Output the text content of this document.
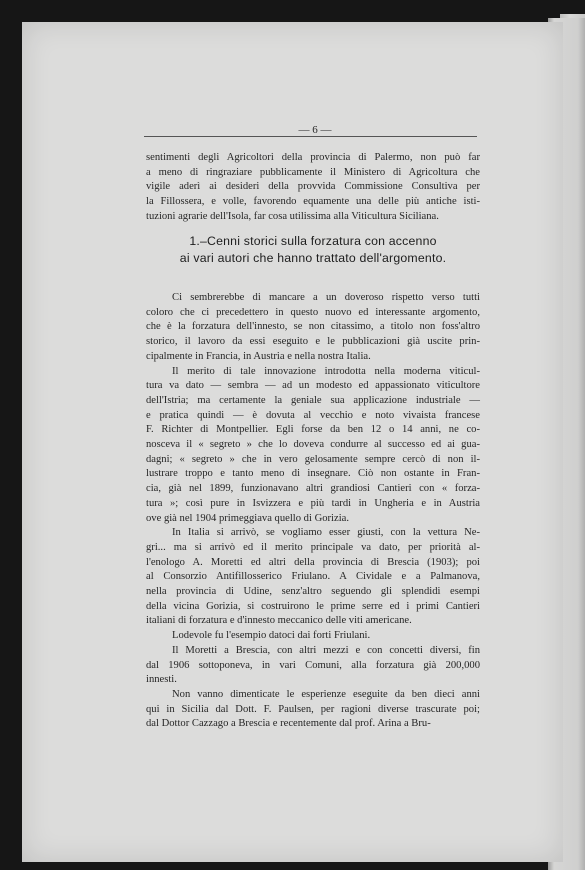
— 6 —
sentimenti degli Agricoltori della provincia di Palermo, non può far
a meno di ringraziare pubblicamente il Ministero di Agricoltura che
vigile aderì ai desideri della provvida Commissione Consultiva per
la Fillossera, e volle, favorendo equamente una delle più antiche isti-
tuzioni agrarie dell'Isola, far cosa utilissima alla Viticultura Siciliana.
1.–Cenni storici sulla forzatura con accenno
ai vari autori che hanno trattato dell'argomento.
Ci sembrerebbe di mancare a un doveroso rispetto verso tutti
coloro che ci precedettero in questo nuovo ed interessante argomento,
che è la forzatura dell'innesto, se non citassimo, a titolo non foss'altro
storico, il lavoro da essi eseguito e le pubblicazioni già uscite prin-
cipalmente in Francia, in Austria e nella nostra Italia.
Il merito di tale innovazione introdotta nella moderna viticul-
tura va dato — sembra — ad un modesto ed appassionato viticultore
dell'Istria; ma certamente la geniale sua applicazione industriale —
e pratica quindi — è dovuta al vecchio e noto vivaista francese
F. Richter di Montpellier. Egli forse da ben 12 o 14 anni, ne co-
nosceva il « segreto » che lo doveva condurre al successo ed ai gua-
dagni; « segreto » che in vero gelosamente sempre cercò di non il-
lustrare troppo e tanto meno di insegnare. Ciò non ostante in Fran-
cia, già nel 1899, funzionavano altri grandiosi Cantieri con « forza-
tura »; così pure in Isvizzera e più tardi in Ungheria e in Austria
ove già nel 1904 primeggiava quello di Gorizia.
In Italia si arrivò, se vogliamo esser giusti, con la vettura Ne-
gri... ma si arrivò ed il merito principale va dato, per priorità al-
l'enologo A. Moretti ed altri della provincia di Brescia (1903); poi
al Consorzio Antifillosserico Friulano. A Cividale e a Palmanova,
nella provincia di Udine, senz'altro seguendo gli splendidi esempi
della vicina Gorizia, si costruirono le prime serre ed i primi Cantieri
italiani di forzatura e d'innesto meccanico delle viti americane.
Lodevole fu l'esempio datoci dai forti Friulani.
Il Moretti a Brescia, con altri mezzi e con concetti diversi, fin
dal 1906 sottoponeva, in vari Comuni, alla forzatura già 200,000
innesti.
Non vanno dimenticate le esperienze eseguite da ben dieci anni
qui in Sicilia dal Dott. F. Paulsen, per ragioni diverse trascurate poi;
dal Dottor Cazzago a Brescia e recentemente dal prof. Arina a Bru-
